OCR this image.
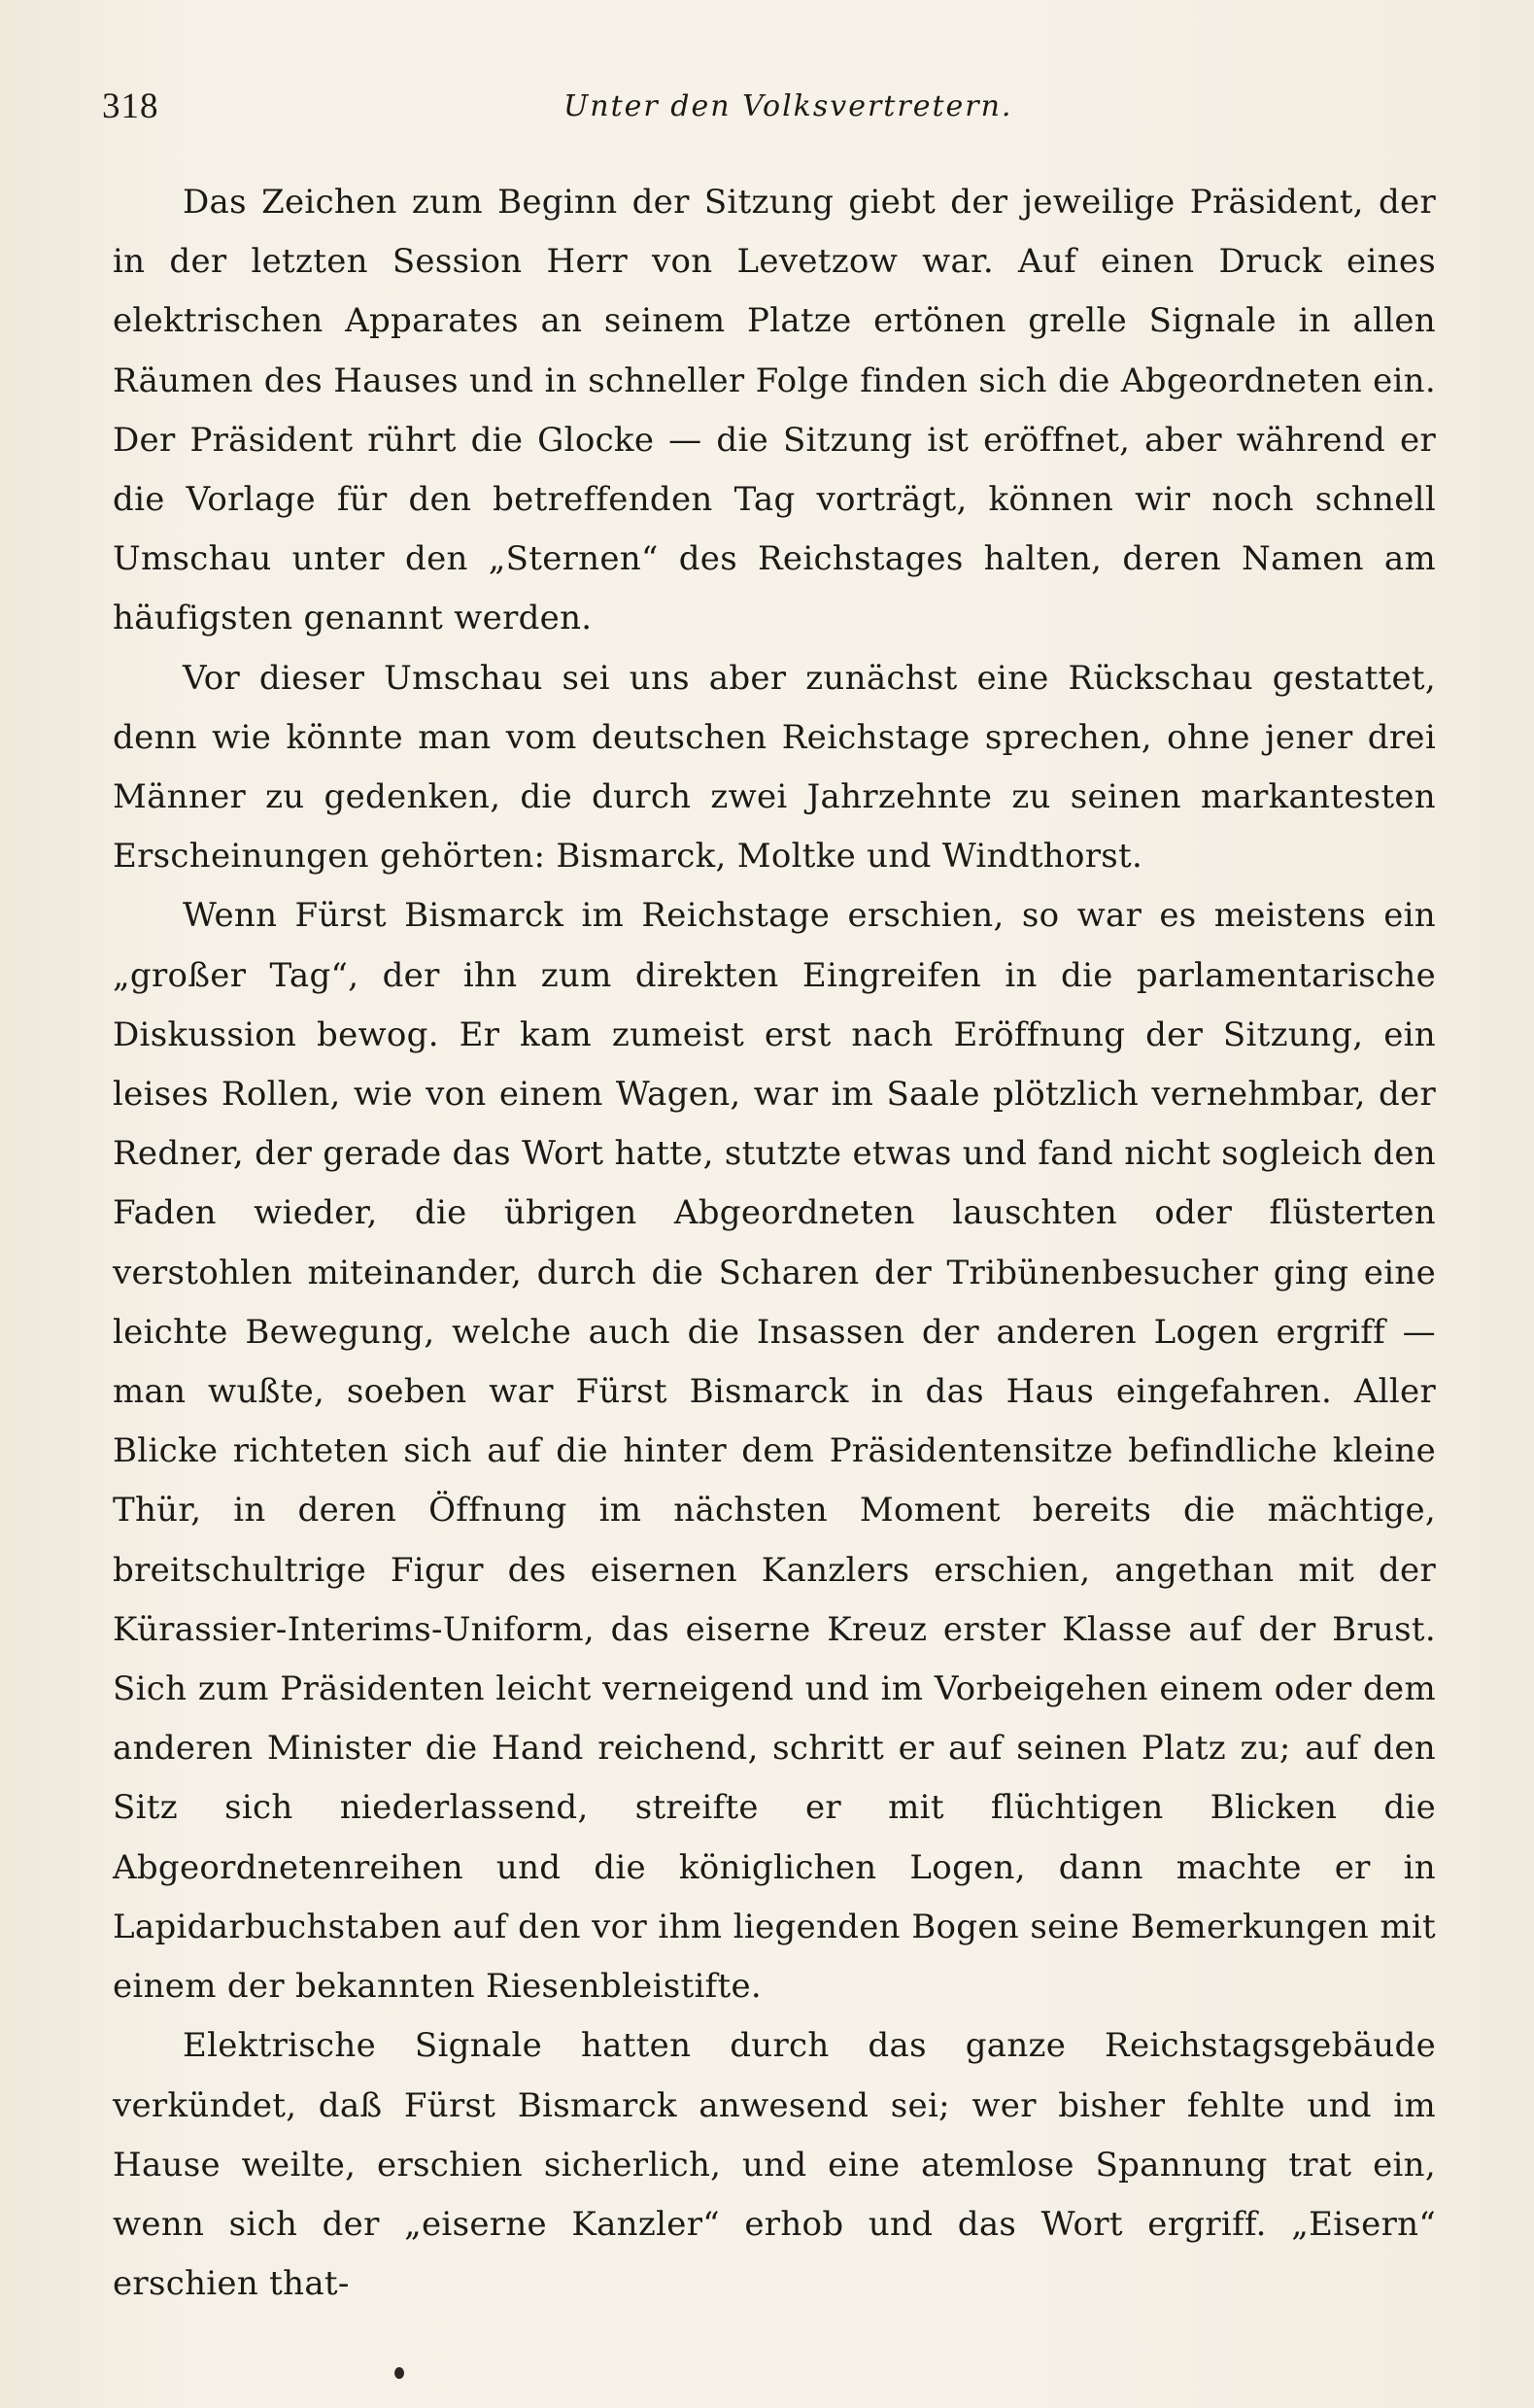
318	Unter den Volksvertretern.

Das Zeichen zum Beginn der Sitzung giebt der jeweilige Präsident, der in der letzten Session Herr von Levetzow war. Auf einen Druck eines elektrischen Apparates an seinem Platze ertönen grelle Signale in allen Räumen des Hauses und in schneller Folge finden sich die Abgeordneten ein. Der Präsident rührt die Glocke — die Sitzung ist eröffnet, aber während er die Vorlage für den betreffenden Tag vorträgt, können wir noch schnell Umschau unter den „Sternen“ des Reichstages halten, deren Namen am häufigsten genannt werden.

Vor dieser Umschau sei uns aber zunächst eine Rückschau gestattet, denn wie könnte man vom deutschen Reichstage sprechen, ohne jener drei Männer zu gedenken, die durch zwei Jahrzehnte zu seinen markantesten Erscheinungen gehörten: Bismarck, Moltke und Windthorst.

Wenn Fürst Bismarck im Reichstage erschien, so war es meistens ein „großer Tag“, der ihn zum direkten Eingreifen in die parlamentarische Diskussion bewog. Er kam zumeist erst nach Eröffnung der Sitzung, ein leises Rollen, wie von einem Wagen, war im Saale plötzlich vernehmbar, der Redner, der gerade das Wort hatte, stutzte etwas und fand nicht sogleich den Faden wieder, die übrigen Abgeordneten lauschten oder flüsterten verstohlen miteinander, durch die Scharen der Tribünenbesucher ging eine leichte Bewegung, welche auch die Insassen der anderen Logen ergriff — man wußte, soeben war Fürst Bismarck in das Haus eingefahren. Aller Blicke richteten sich auf die hinter dem Präsidentensitze befindliche kleine Thür, in deren Öffnung im nächsten Moment bereits die mächtige, breitschultrige Figur des eisernen Kanzlers erschien, angethan mit der Kürassier-Interims-Uniform, das eiserne Kreuz erster Klasse auf der Brust. Sich zum Präsidenten leicht verneigend und im Vorbeigehen einem oder dem anderen Minister die Hand reichend, schritt er auf seinen Platz zu; auf den Sitz sich niederlassend, streifte er mit flüchtigen Blicken die Abgeordnetenreihen und die königlichen Logen, dann machte er in Lapidarbuchstaben auf den vor ihm liegenden Bogen seine Bemerkungen mit einem der bekannten Riesenbleistifte.

Elektrische Signale hatten durch das ganze Reichstagsgebäude verkündet, daß Fürst Bismarck anwesend sei; wer bisher fehlte und im Hause weilte, erschien sicherlich, und eine atemlose Spannung trat ein, wenn sich der „eiserne Kanzler“ erhob und das Wort ergriff. „Eisern“ erschien that-
